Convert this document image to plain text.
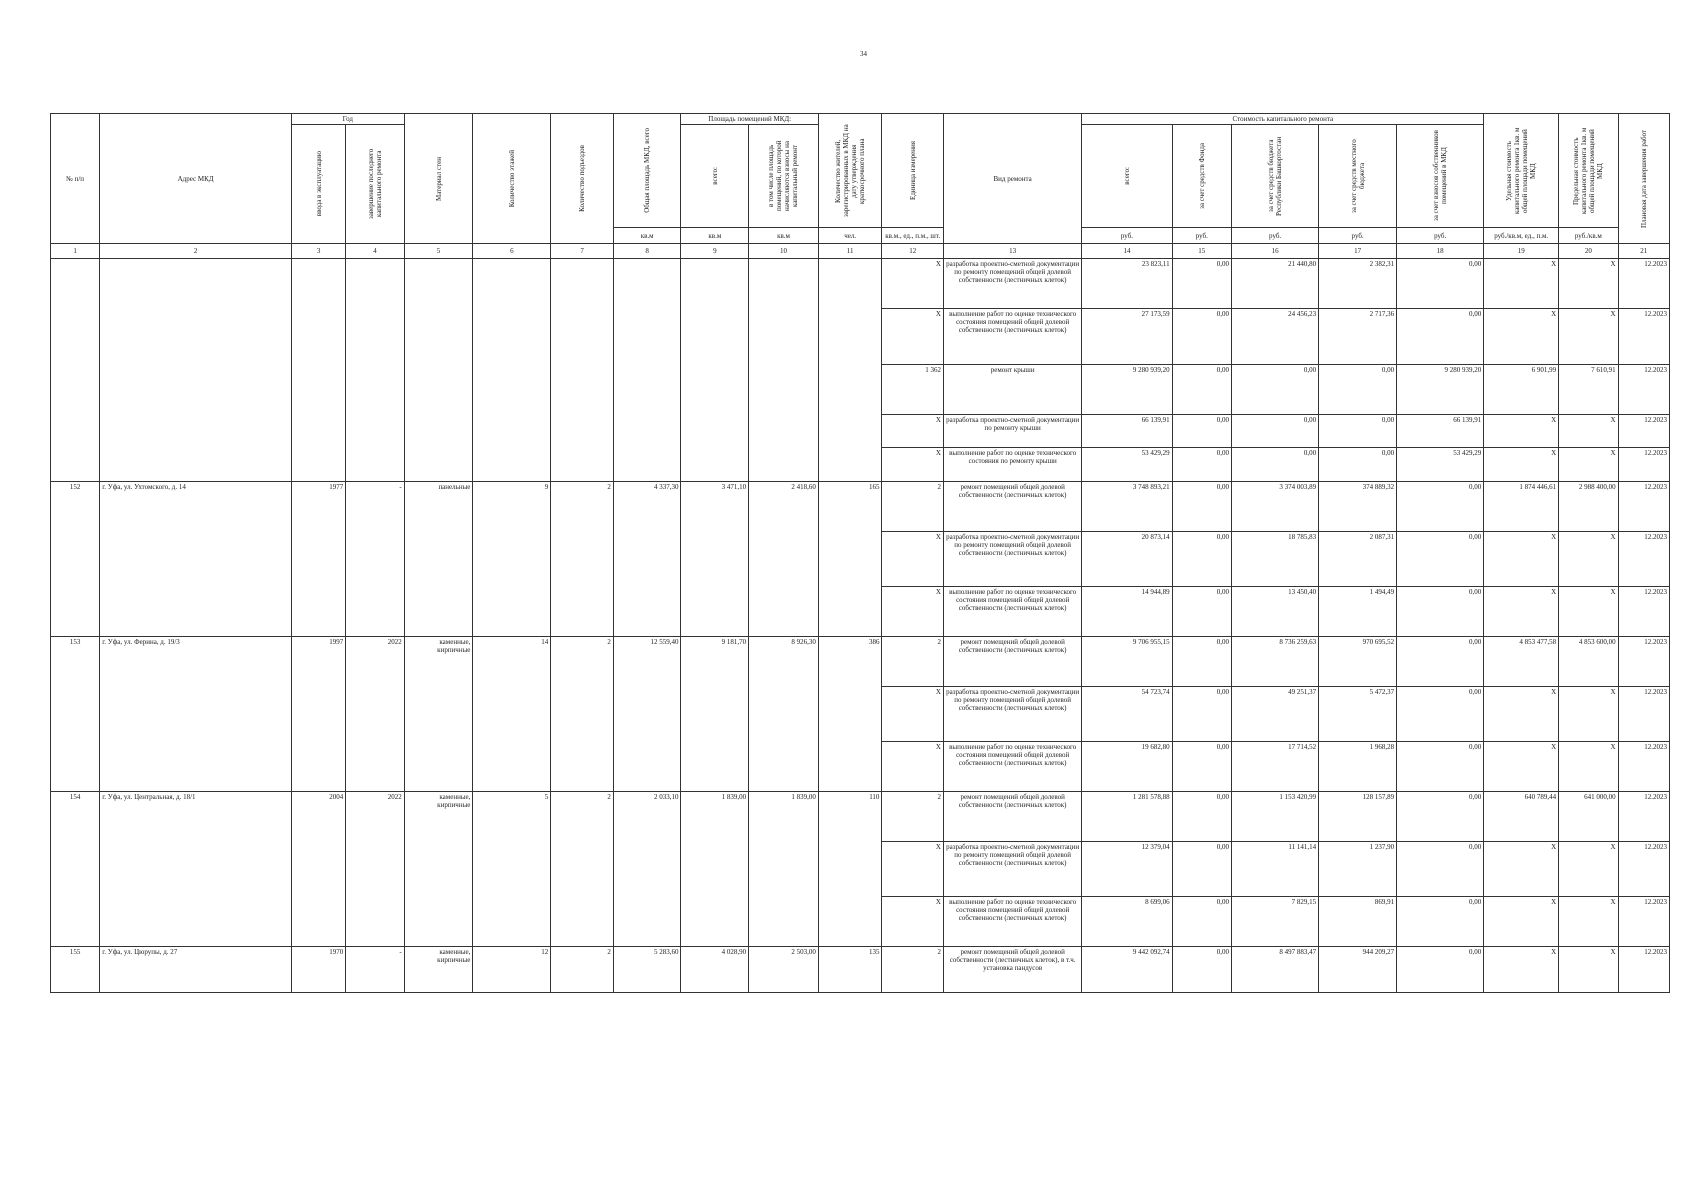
34
№ п/п	Адрес МКД	Год		Материал стен	Количество этажей	Количество подъездов	Общая площадь МКД, всего	Площадь помещений МКД:		Количество жителей, зарегистрированных в МКД на дату утверждения краткосрочного плана	Единица измерения	Вид ремонта	Стоимость капитального ремонта					Удельная стоимость капитального ремонта 1кв. м общей площади помещений МКД	Предельная стоимость капитального ремонта 1кв. м общей площади помещений МКД	Плановая дата завершения работ

		ввода в эксплуатацию	завершение последнего капитального ремонта					всего:	в том числе площадь помещений, по которой начисляются взносы на капитальный ремонт				всего:	за счет средств Фонда	за счет средств бюджета Республики Башкортостан	за счет средств местного бюджета	за счет взносов собственников помещений в МКД			

							кв.м	кв.м	кв.м	чел.	кв.м., ед., п.м., шт.		руб.	руб.	руб.	руб.	руб.	руб./кв.м, ед., п.м.	руб./кв.м	
1	2	3	4	5	6	7	8	9	10	11	12	13	14	15	16	17	18	19	20	21
											X	разработка проектно-сметной документации по ремонту помещений общей долевой собственности (лестничных клеток)	23 823,11	0,00	21 440,80	2 382,31	0,00	X	X	12.2023
											X	выполнение работ по оценке технического состояния помещений общей долевой собственности (лестничных клеток)	27 173,59	0,00	24 456,23	2 717,36	0,00	X	X	12.2023
											1 362	ремонт крыши	9 280 939,20	0,00	0,00	0,00	9 280 939,20	6 901,99	7 610,91	12.2023
											X	разработка проектно-сметной документации по ремонту крыши	66 139,91	0,00	0,00	0,00	66 139,91	X	X	12.2023
											X	выполнение работ по оценке технического состояния по ремонту крыши	53 429,29	0,00	0,00	0,00	53 429,29	X	X	12.2023
152	г. Уфа, ул. Ухтомского, д. 14	1977	-	панельные	9	2	4 337,30	3 471,10	2 418,60	165	2	ремонт помещений общей долевой собственности (лестничных клеток)	3 748 893,21	0,00	3 374 003,89	374 889,32	0,00	1 874 446,61	2 988 400,00	12.2023
											X	разработка проектно-сметной документации по ремонту помещений общей долевой собственности (лестничных клеток)	20 873,14	0,00	18 785,83	2 087,31	0,00	X	X	12.2023
											X	выполнение работ по оценке технического состояния помещений общей долевой собственности (лестничных клеток)	14 944,89	0,00	13 450,40	1 494,49	0,00	X	X	12.2023
153	г. Уфа, ул. Ферина, д. 19/3	1997	2022	каменные, кирпичные	14	2	12 559,40	9 181,70	8 926,30	386	2	ремонт помещений общей долевой собственности (лестничных клеток)	9 706 955,15	0,00	8 736 259,63	970 695,52	0,00	4 853 477,58	4 853 600,00	12.2023
											X	разработка проектно-сметной документации по ремонту помещений общей долевой собственности (лестничных клеток)	54 723,74	0,00	49 251,37	5 472,37	0,00	X	X	12.2023
											X	выполнение работ по оценке технического состояния помещений общей долевой собственности (лестничных клеток)	19 682,80	0,00	17 714,52	1 968,28	0,00	X	X	12.2023
154	г. Уфа, ул. Центральная, д. 18/1	2004	2022	каменные, кирпичные	5	2	2 033,10	1 839,00	1 839,00	110	2	ремонт помещений общей долевой собственности (лестничных клеток)	1 281 578,88	0,00	1 153 420,99	128 157,89	0,00	640 789,44	641 000,00	12.2023
											X	разработка проектно-сметной документации по ремонту помещений общей долевой собственности (лестничных клеток)	12 379,04	0,00	11 141,14	1 237,90	0,00	X	X	12.2023
											X	выполнение работ по оценке технического состояния помещений общей долевой собственности (лестничных клеток)	8 699,06	0,00	7 829,15	869,91	0,00	X	X	12.2023
155	г. Уфа, ул. Цюрупы, д. 27	1970	-	каменные, кирпичные	12	2	5 283,60	4 028,90	2 503,00	135	2	ремонт помещений общей долевой собственности (лестничных клеток), в т.ч. установка пандусов	9 442 092,74	0,00	8 497 883,47	944 209,27	0,00	X	X	12.2023
